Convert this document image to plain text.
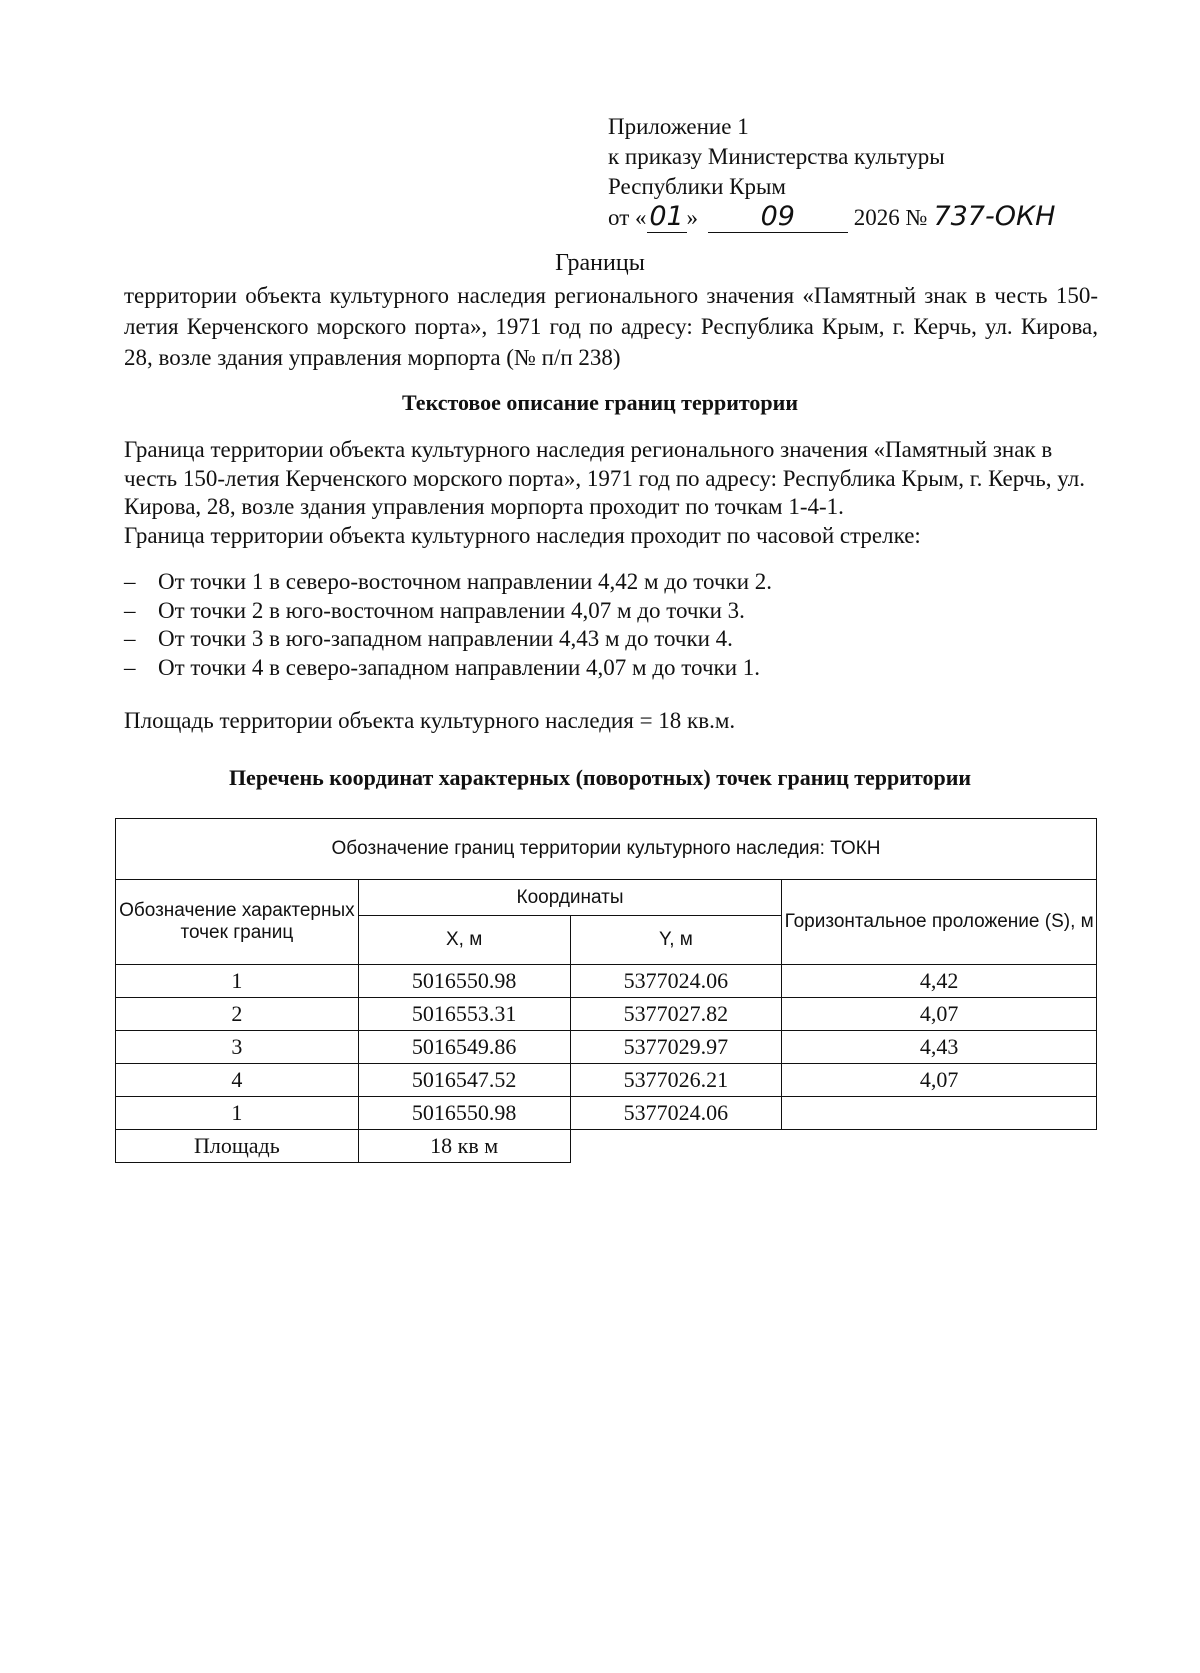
Приложение 1
к приказу Министерства культуры
Республики Крым
от « 01 » 09	2026 № 737-ОКН
Границы
территории объекта культурного наследия регионального значения «Памятный знак в честь 150-летия Керченского морского порта», 1971 год по адресу: Республика Крым, г. Керчь, ул. Кирова, 28, возле здания управления морпорта (№ п/п 238)
Текстовое описание границ территории

Граница территории объекта культурного наследия регионального значения «Памятный знак в честь 150-летия Керченского морского порта», 1971 год по адресу: Республика Крым, г. Керчь, ул. Кирова, 28, возле здания управления морпорта проходит по точкам 1-4-1.

Граница территории объекта культурного наследия проходит по часовой стрелке:

– От точки 1 в северо-восточном направлении 4,42 м до точки 2.
– От точки 2 в юго-восточном направлении 4,07 м до точки 3.
– От точки 3 в юго-западном направлении 4,43 м до точки 4.
– От точки 4 в северо-западном направлении 4,07 м до точки 1.
Площадь территории объекта культурного наследия = 18 кв.м.
Перечень координат характерных (поворотных) точек границ территории
Обозначение границ территории культурного наследия: ТОКН			
Обозначение характерных точек границ	Координаты		Горизонтальное проложение (S), м
	X, м	Y, м	
1	5016550.98	5377024.06	4,42
2	5016553.31	5377027.82	4,07
3	5016549.86	5377029.97	4,43
4	5016547.52	5377026.21	4,07
1	5016550.98	5377024.06	
Площадь	18 кв м		
